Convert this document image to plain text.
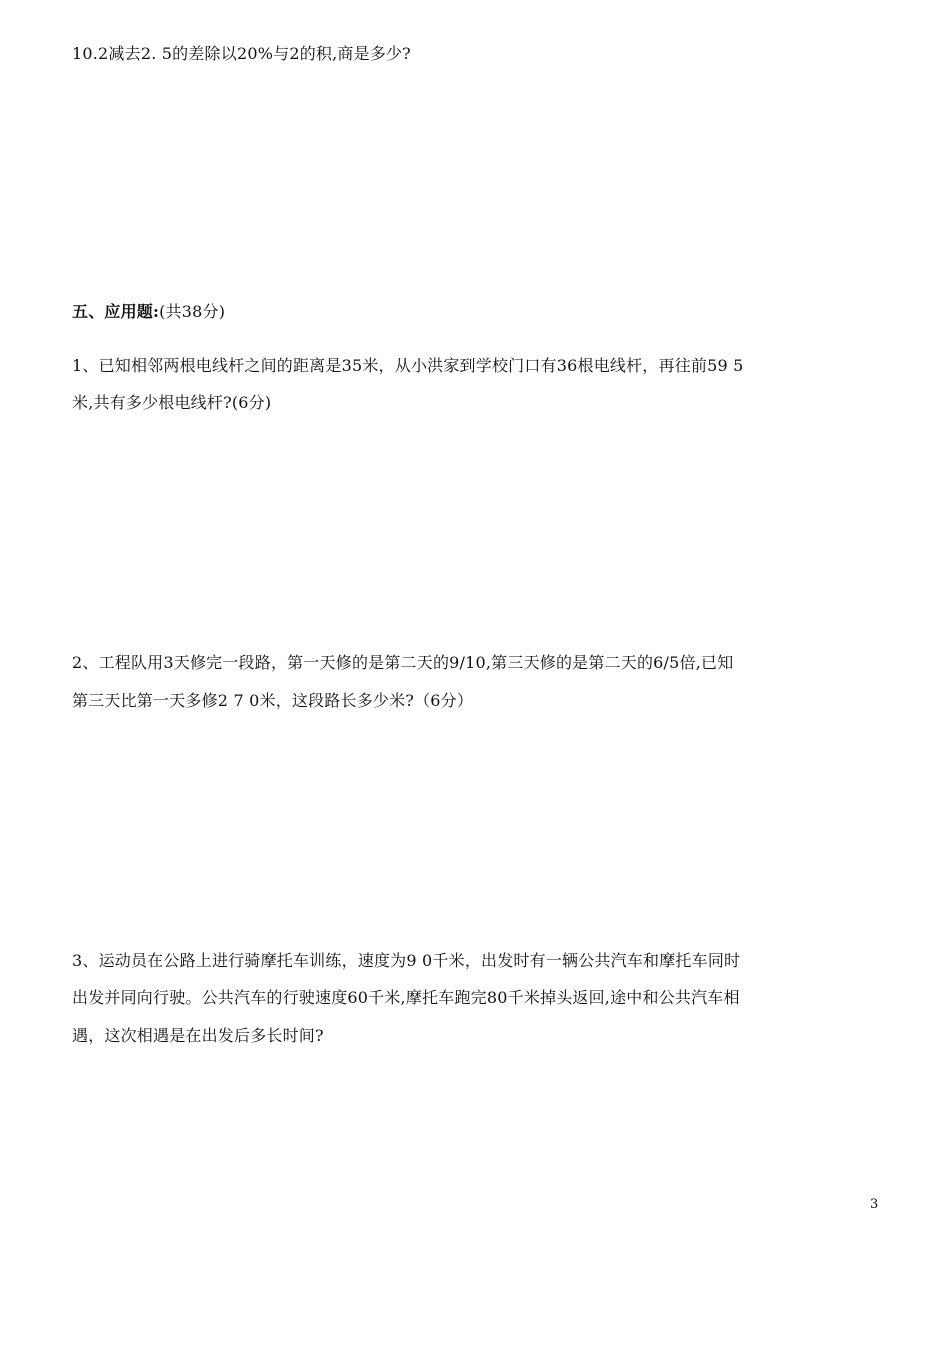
10.2减去2. 5的差除以20%与2的积,商是多少?
五、应用题:(共38分)
1、已知相邻两根电线杆之间的距离是35米，从小洪家到学校门口有36根电线杆，再往前59 5
米,共有多少根电线杆?(6分)
2、工程队用3天修完一段路，第一天修的是第二天的9/10,第三天修的是第二天的6/5倍,已知
第三天比第一天多修2 7 0米，这段路长多少米?（6分）
3、运动员在公路上进行骑摩托车训练，速度为9 0千米，出发时有一辆公共汽车和摩托车同时
出发并同向行驶。公共汽车的行驶速度60千米,摩托车跑完80千米掉头返回,途中和公共汽车相
遇，这次相遇是在出发后多长时间?
3
